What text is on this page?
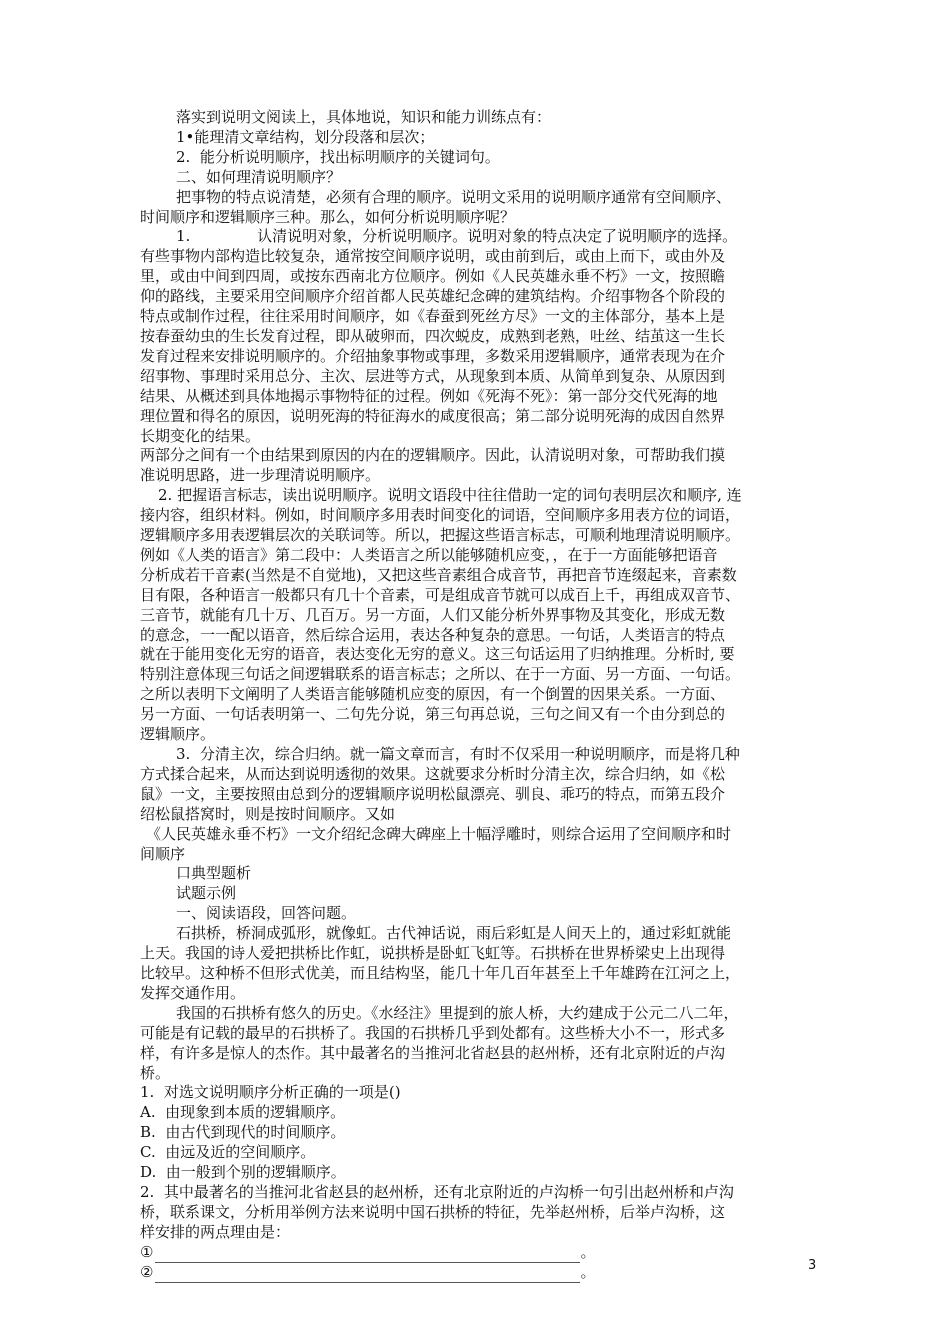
落实到说明文阅读上，具体地说，知识和能力训练点有：
1•能理清文章结构，划分段落和层次；
2.  能分析说明顺序，找出标明顺序的关键词句。
二、如何理清说明顺序？
把事物的特点说清楚，必须有合理的顺序。说明文采用的说明顺序通常有空间顺序、
时间顺序和逻辑顺序三种。那么，如何分析说明顺序呢？
1.              认清说明对象，分析说明顺序。说明对象的特点决定了说明顺序的选择。
有些事物内部构造比较复杂，通常按空间顺序说明，或由前到后，或由上而下，或由外及
里，或由中间到四周，或按东西南北方位顺序。例如《人民英雄永垂不朽》一文，按照瞻
仰的路线，主要采用空间顺序介绍首都人民英雄纪念碑的建筑结构。介绍事物各个阶段的
特点或制作过程，往往采用时间顺序，如《春蚕到死丝方尽》一文的主体部分，基本上是
按春蚕幼虫的生长发育过程，即从破卵而，四次蜕皮，成熟到老熟，吐丝、结茧这一生长
发育过程来安排说明顺序的。介绍抽象事物或事理，多数采用逻辑顺序，通常表现为在介
绍事物、事理时采用总分、主次、层进等方式，从现象到本质、从简单到复杂、从原因到
结果、从概述到具体地揭示事物特征的过程。例如《死海不死》：第一部分交代死海的地
理位置和得名的原因，说明死海的特征海水的咸度很高；第二部分说明死海的成因自然界
长期变化的结果。
两部分之间有一个由结果到原因的内在的逻辑顺序。因此，认清说明对象，可帮助我们摸
准说明思路，进一步理清说明顺序。
2. 把握语言标志，读出说明顺序。说明文语段中往往借助一定的词句表明层次和顺序, 连
接内容，组织材料。例如，时间顺序多用表时间变化的词语，空间顺序多用表方位的词语，
逻辑顺序多用表逻辑层次的关联词等。所以，把握这些语言标志，可顺利地理清说明顺序。
例如《人类的语言》第二段中：人类语言之所以能够随机应变，，在于一方面能够把语音
分析成若干音素(当然是不自觉地)，又把这些音素组合成音节，再把音节连缀起来，音素数
目有限，各种语言一般都只有几十个音素，可是组成音节就可以成百上千，再组成双音节、
三音节，就能有几十万、几百万。另一方面，人们又能分析外界事物及其变化，形成无数
的意念，一一配以语音，然后综合运用，表达各种复杂的意思。一句话，人类语言的特点
就在于能用变化无穷的语音，表达变化无穷的意义。这三句话运用了归纳推理。分析时, 要
特别注意体现三句话之间逻辑联系的语言标志；之所以、在于一方面、另一方面、一句话。
之所以表明下文阐明了人类语言能够随机应变的原因，有一个倒置的因果关系。一方面、
另一方面、一句话表明第一、二句先分说，第三句再总说，三句之间又有一个由分到总的
逻辑顺序。
3.  分清主次，综合归纳。就一篇文章而言，有时不仅采用一种说明顺序，而是将几种
方式揉合起来，从而达到说明透彻的效果。这就要求分析时分清主次，综合归纳，如《松
鼠》一文，主要按照由总到分的逻辑顺序说明松鼠漂亮、驯良、乖巧的特点，而第五段介
绍松鼠搭窝时，则是按时间顺序。又如
《人民英雄永垂不朽》一文介绍纪念碑大碑座上十幅浮雕时，则综合运用了空间顺序和时
间顺序
口典型题析
试题示例
一、阅读语段，回答问题。
石拱桥，桥洞成弧形，就像虹。古代神话说，雨后彩虹是人间天上的，通过彩虹就能
上天。我国的诗人爱把拱桥比作虹，说拱桥是卧虹飞虹等。石拱桥在世界桥梁史上出现得
比较早。这种桥不但形式优美，而且结构坚，能几十年几百年甚至上千年雄跨在江河之上，
发挥交通作用。
我国的石拱桥有悠久的历史。《水经注》里提到的旅人桥，大约建成于公元二八二年，
可能是有记载的最早的石拱桥了。我国的石拱桥几乎到处都有。这些桥大小不一，形式多
样，有许多是惊人的杰作。其中最著名的当推河北省赵县的赵州桥，还有北京附近的卢沟
桥。
1.  对选文说明顺序分析正确的一项是()
A.  由现象到本质的逻辑顺序。
B.  由古代到现代的时间顺序。
C.  由远及近的空间顺序。
D.  由一般到个别的逻辑顺序。
2.  其中最著名的当推河北省赵县的赵州桥，还有北京附近的卢沟桥一句引出赵州桥和卢沟
桥，联系课文，分析用举例方法来说明中国石拱桥的特征，先举赵州桥，后举卢沟桥，这
样安排的两点理由是：
①	。
②	。	3
